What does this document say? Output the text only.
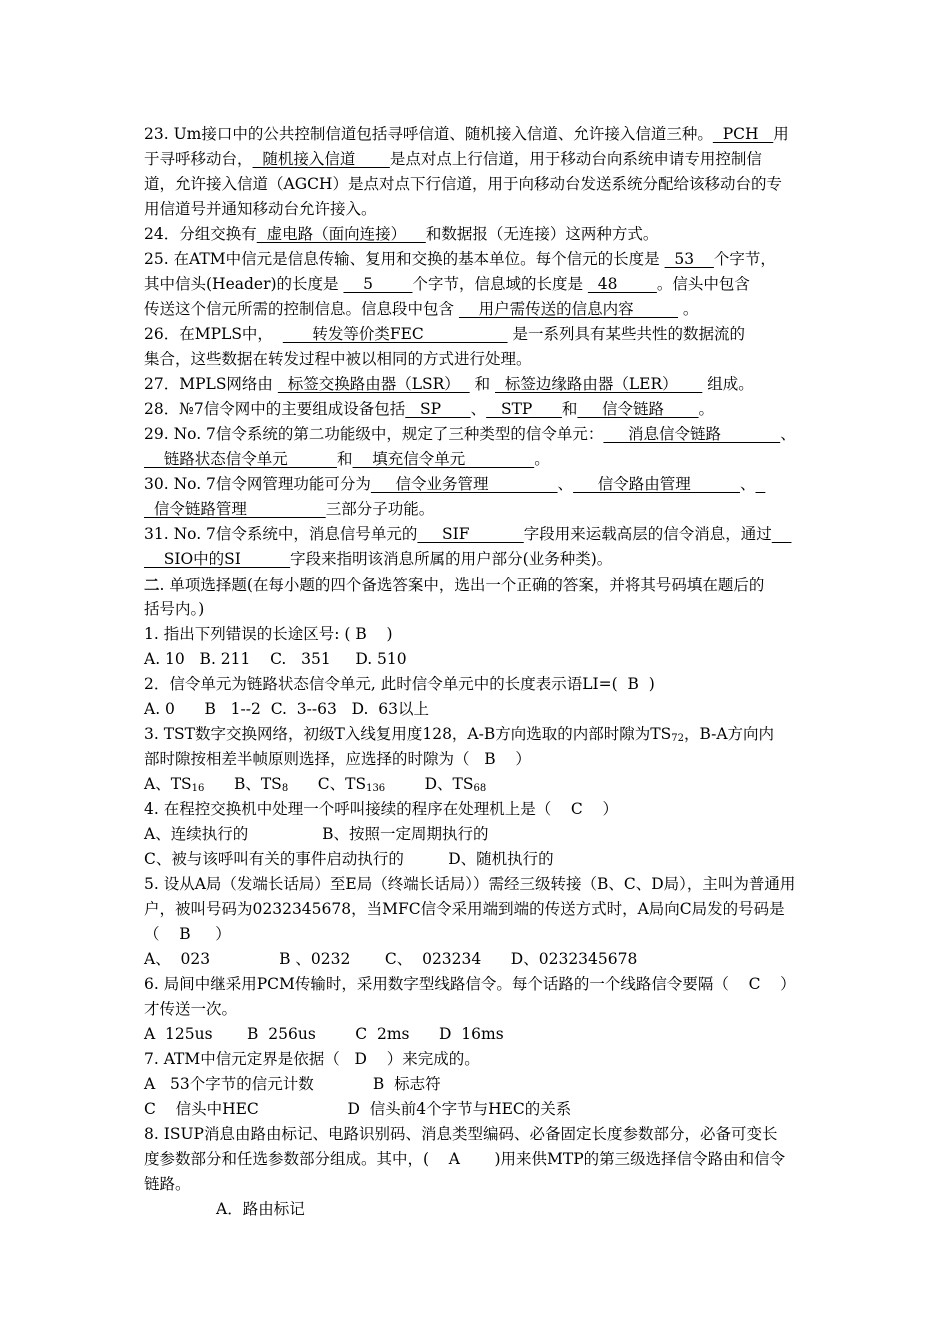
23. Um接口中的公共控制信道包括寻呼信道、随机接入信道、允许接入信道三种。  PCH   用
于寻呼移动台，  随机接入信道       是点对点上行信道，用于移动台向系统申请专用控制信
道，允许接入信道（AGCH）是点对点下行信道，用于向移动台发送系统分配给该移动台的专
用信道号并通知移动台允许接入。
24．分组交换有  虚电路（面向连接）    和数据报（无连接）这两种方式。
25. 在ATM中信元是信息传输、复用和交换的基本单位。每个信元的长度是   53    个字节，
其中信头(Header)的长度是     5        个字节，信息域的长度是   48        。信头中包含
传送这个信元所需的控制信息。信息段中包含     用户需传送的信息内容          。
26．在MPLS中，        转发等价类FEC                  是一系列具有某些共性的数据流的
集合，这些数据在转发过程中被以相同的方式进行处理。
27．MPLS网络由   标签交换路由器（LSR）   和   标签边缘路由器（LER）      组成。
28．№7信令网中的主要组成设备包括   SP      、   STP      和     信令链路       。
29. No. 7信令系统的第二功能级中，规定了三种类型的信令单元：     消息信令链路            、
链路状态信令单元          和    填充信令单元              。
30. No. 7信令网管理功能可分为     信令业务管理              、     信令路由管理          、
信令链路管理                三部分子功能。
31. No. 7信令系统中，消息信号单元的     SIF           字段用来运载高层的信令消息，通过
SIO中的SI          字段来指明该消息所属的用户部分(业务种类)。
二. 单项选择题(在每小题的四个备选答案中，选出一个正确的答案，并将其号码填在题后的
括号内。)
1. 指出下列错误的长途区号: ( B    )
A. 10   B. 211    C.   351     D. 510
2．信令单元为链路状态信令单元, 此时信令单元中的长度表示语LI=(  B  )
A. 0      B   1--2  C.  3--63   D.  63以上
3. TST数字交换网络，初级T入线复用度128，A-B方向选取的内部时隙为$TS_{72}$，B-A方向内
部时隙按相差半帧原则选择，应选择的时隙为（   B    ）
A、$TS_{16}$      B、$TS_8$      C、$TS_{136}$        D、$TS_{68}$
4. 在程控交换机中处理一个呼叫接续的程序在处理机上是（    C    ）
A、连续执行的               B、按照一定周期执行的
C、被与该呼叫有关的事件启动执行的         D、随机执行的
5. 设从A局（发端长话局）至E局（终端长话局））需经三级转接（B、C、D局），主叫为普通用
户，被叫号码为0232345678，当MFC信令采用端到端的传送方式时，A局向C局发的号码是
（    B     ）
A、  023              B 、0232       C、  023234      D、0232345678
6. 局间中继采用PCM传输时，采用数字型线路信令。每个话路的一个线路信令要隔（    C    ）
才传送一次。
A  125us       B  256us        C  2ms      D  16ms
7. ATM中信元定界是依据（   D    ）来完成的。
A   53个字节的信元计数            B  标志符
C    信头中HEC                  D  信头前4个字节与HEC的关系
8. ISUP消息由路由标记、电路识别码、消息类型编码、必备固定长度参数部分，必备可变长
度参数部分和任选参数部分组成。其中，(    A       )用来供MTP的第三级选择信令路由和信令
链路。
A．路由标记
